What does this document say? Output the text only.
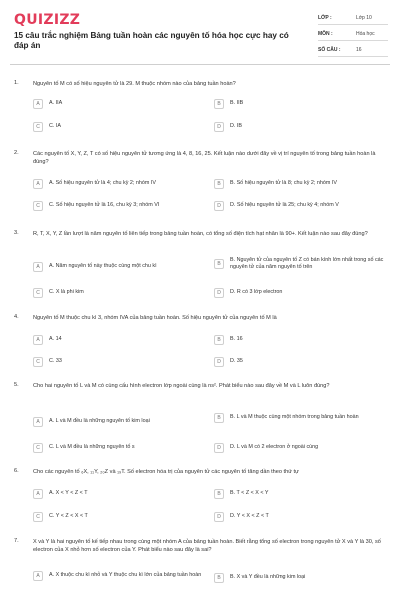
QUIZIZZ
15 câu trắc nghiệm Bảng tuần hoàn các nguyên tố hóa học cực hay có đáp án
LỚP :	Lớp 10
MÔN :	Hóa học
SỐ CÂU :	16
1.	Nguyên tố M có số hiệu nguyên tử là 29. M thuộc nhóm nào của bảng tuần hoàn?
A	A. IIA	B	B. IIB
C	C. IA	D	D. IB
2.	Các nguyên tố X, Y, Z, T có số hiệu nguyên tử tương ứng là 4, 8, 16, 25. Kết luận nào dưới đây về vị trí nguyên tố trong bảng tuần hoàn là đúng?
A	A. Số hiệu nguyên tử là 4; chu kỳ 2; nhóm IV	B	B. Số hiệu nguyên tử là 8; chu kỳ 2; nhóm IV
C	C. Số hiệu nguyên tử là 16, chu kỳ 3; nhóm VI	D	D. Số hiệu nguyên tử là 25; chu kỳ 4; nhóm V
3.	R, T, X, Y, Z lần lượt là năm nguyên tố liên tiếp trong bảng tuần hoàn, có tổng số điện tích hạt nhân là 90+. Kết luận nào sau đây đúng?
A	A. Năm nguyên tố này thuộc cùng một chu kì	B
B. Nguyên tử của nguyên tố Z có bán kính lớn nhất trong số các nguyên tử của năm nguyên tố trên
C	C. X là phi kim	D	D. R có 3 lớp electron
4.	Nguyên tố M thuộc chu kì 3, nhóm IVA của bảng tuần hoàn. Số hiệu nguyên tử của nguyên tố M là
A	A. 14	B	B. 16
C	C. 33	D	D. 35
5.	Cho hai nguyên tố L và M có cùng cấu hình electron lớp ngoài cùng là ns². Phát biểu nào sau đây về M và L luôn đúng?
A	A. L và M đều là những nguyên tố kim loại
B	B. L và M thuộc cùng một nhóm trong bảng tuần hoàn
C	C. L và M đều là những nguyên tố s	D	D. L và M có 2 electron ở ngoài cùng
6.	Cho các nguyên tố ₆X, ₁₁Y, ₂₀Z và ₁₉T. Số electron hóa trị của nguyên tử các nguyên tố tăng dần theo thứ tự
A	A. X < Y < Z < T	B	B. T < Z < X < Y
C	C. Y < Z < X < T	D	D. Y < X < Z < T
7.	X và Y là hai nguyên tố kế tiếp nhau trong cùng một nhóm A của bảng tuần hoàn. Biết rằng tổng số electron trong nguyên tử X và Y là 30, số electron của X nhỏ hơn số electron của Y. Phát biểu nào sau đây là sai?
A	A. X thuộc chu kì nhỏ và Y thuộc chu kì lớn của bảng tuần hoàn	B	B. X và Y đều là những kim loại
